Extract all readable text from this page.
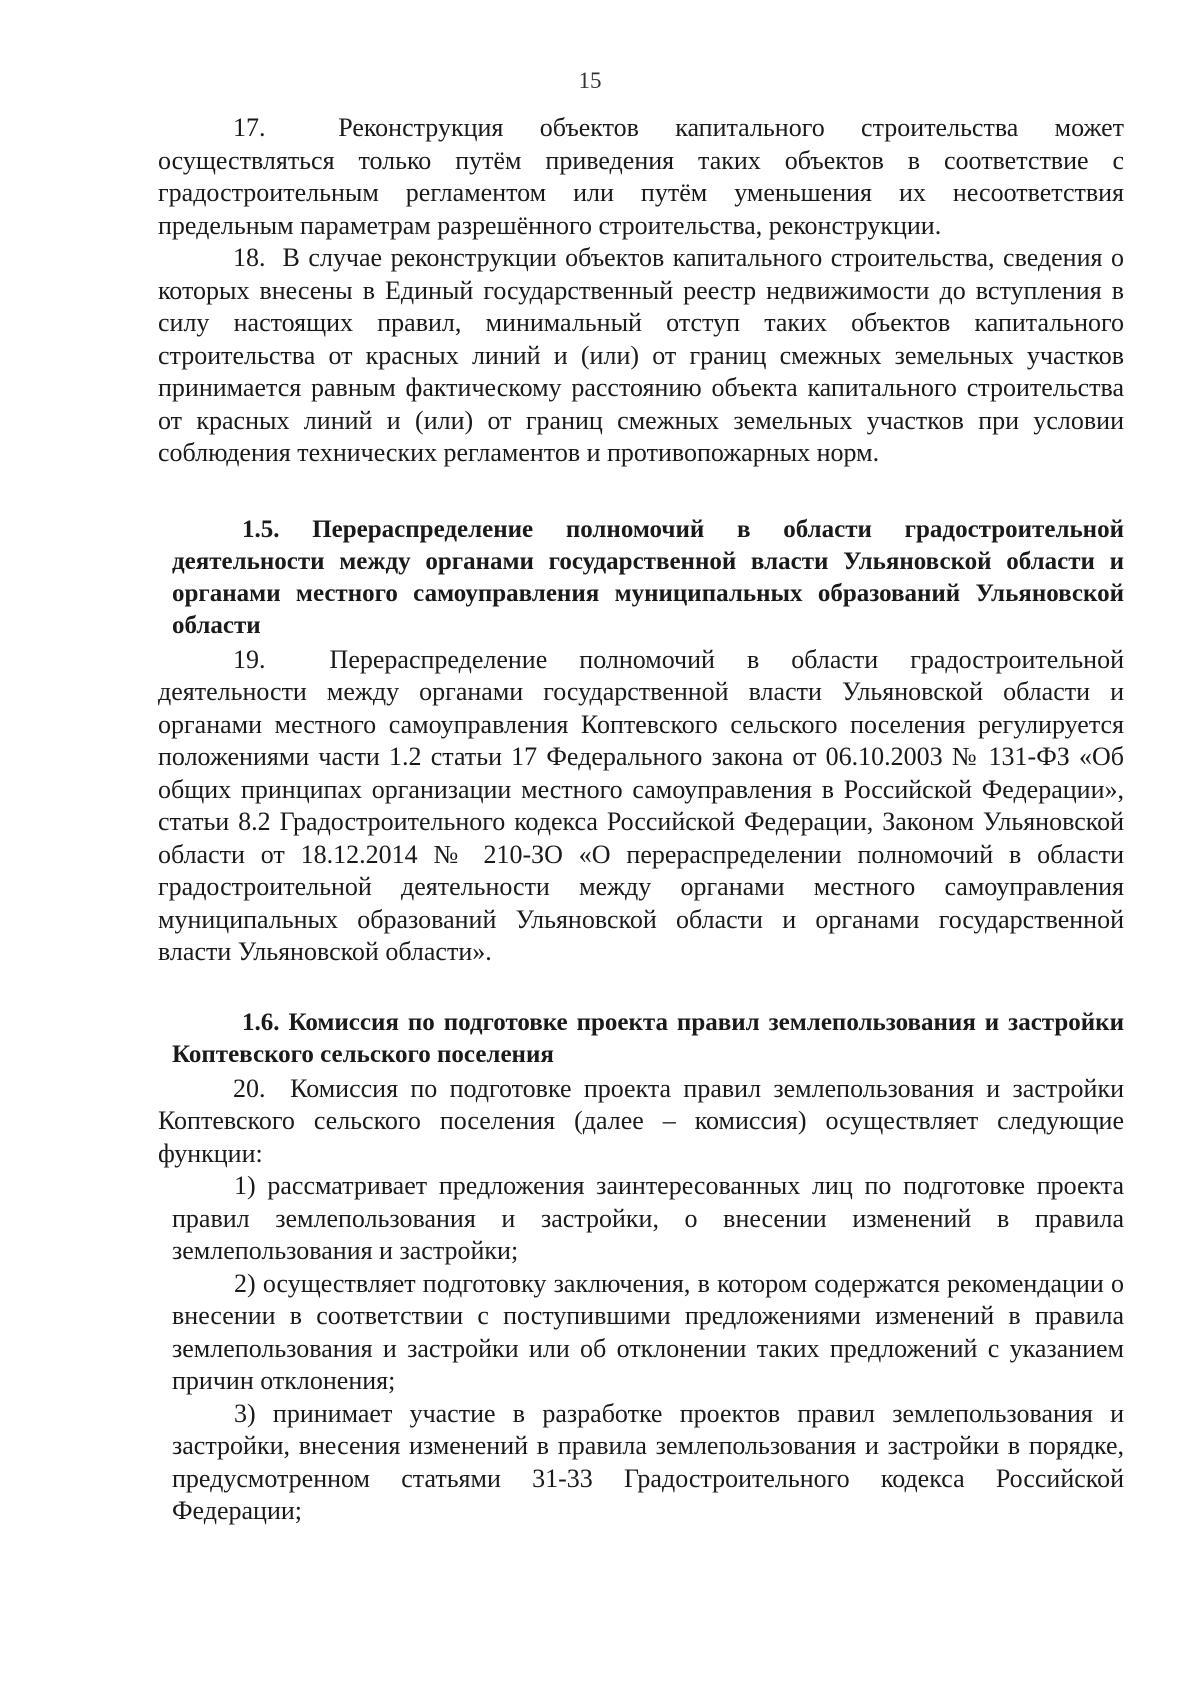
15

17.  Реконструкция объектов капитального строительства может осуществляться только путём приведения таких объектов в соответствие с градостроительным регламентом или путём уменьшения их несоответствия предельным параметрам разрешённого строительства, реконструкции.

18.  В случае реконструкции объектов капитального строительства, сведения о которых внесены в Единый государственный реестр недвижимости до вступления в силу настоящих правил, минимальный отступ таких объектов капитального строительства от красных линий и (или) от границ смежных земельных участков принимается равным фактическому расстоянию объекта капитального строительства от красных линий и (или) от границ смежных земельных участков при условии соблюдения технических регламентов и противопожарных норм.

1.5. Перераспределение полномочий в области градостроительной деятельности между органами государственной власти Ульяновской области и органами местного самоуправления муниципальных образований Ульяновской области

19.  Перераспределение полномочий в области градостроительной деятельности между органами государственной власти Ульяновской области и органами местного самоуправления Коптевского сельского поселения регулируется положениями части 1.2 статьи 17 Федерального закона от 06.10.2003 № 131-ФЗ «Об общих принципах организации местного самоуправления в Российской Федерации», статьи 8.2 Градостроительного кодекса Российской Федерации, Законом Ульяновской области от 18.12.2014 № 210-ЗО «О перераспределении полномочий в области градостроительной деятельности между органами местного самоуправления муниципальных образований Ульяновской области и органами государственной власти Ульяновской области».

1.6. Комиссия по подготовке проекта правил землепользования и застройки Коптевского сельского поселения

20.  Комиссия по подготовке проекта правил землепользования и застройки Коптевского сельского поселения (далее – комиссия) осуществляет следующие функции:

1) рассматривает предложения заинтересованных лиц по подготовке проекта правил землепользования и застройки, о внесении изменений в правила землепользования и застройки;

2) осуществляет подготовку заключения, в котором содержатся рекомендации о внесении в соответствии с поступившими предложениями изменений в правила землепользования и застройки или об отклонении таких предложений с указанием причин отклонения;

3) принимает участие в разработке проектов правил землепользования и застройки, внесения изменений в правила землепользования и застройки в порядке, предусмотренном статьями 31-33 Градостроительного кодекса Российской Федерации;
